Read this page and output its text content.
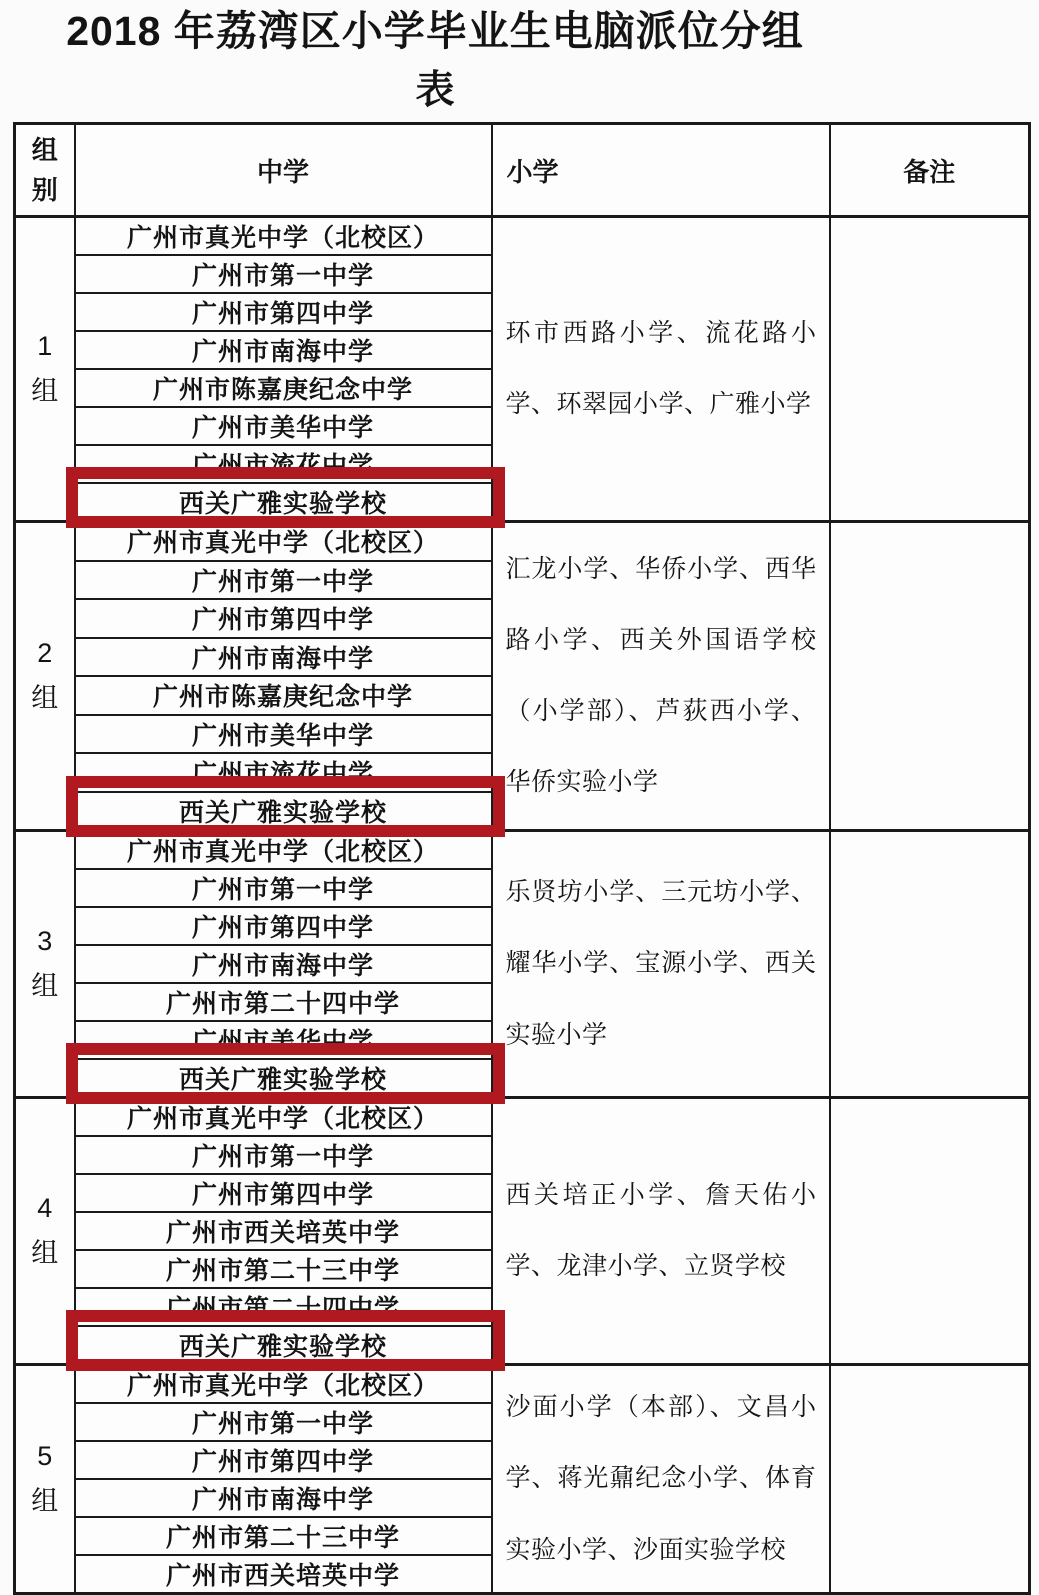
2018 年荔湾区小学毕业生电脑派位分组
表
组别	中学	小学	备注

1组	广州市真光中学（北校区）	环市西路小学、流花路小学、环翠园小学、广雅小学	
	广州市第一中学		
	广州市第四中学		
	广州市南海中学		
	广州市陈嘉庚纪念中学		
	广州市美华中学		
	广州市流花中学		
	西关广雅实验学校		

2组	广州市真光中学（北校区）	汇龙小学、华侨小学、西华路小学、西关外国语学校（小学部）、芦荻西小学、华侨实验小学	
	广州市第一中学		
	广州市第四中学		
	广州市南海中学		
	广州市陈嘉庚纪念中学		
	广州市美华中学		
	广州市流花中学		
	西关广雅实验学校		

3组	广州市真光中学（北校区）	乐贤坊小学、三元坊小学、耀华小学、宝源小学、西关实验小学	
	广州市第一中学		
	广州市第四中学		
	广州市南海中学		
	广州市第二十四中学		
	广州市美华中学		
	西关广雅实验学校		

4组	广州市真光中学（北校区）	西关培正小学、詹天佑小学、龙津小学、立贤学校	
	广州市第一中学		
	广州市第四中学		
	广州市西关培英中学		
	广州市第二十三中学		
	广州市第二十四中学		
	西关广雅实验学校		

5组	广州市真光中学（北校区）	沙面小学（本部）、文昌小学、蒋光鼐纪念小学、体育实验小学、沙面实验学校	
	广州市第一中学		
	广州市第四中学		
	广州市南海中学		
	广州市第二十三中学		
	广州市西关培英中学		
